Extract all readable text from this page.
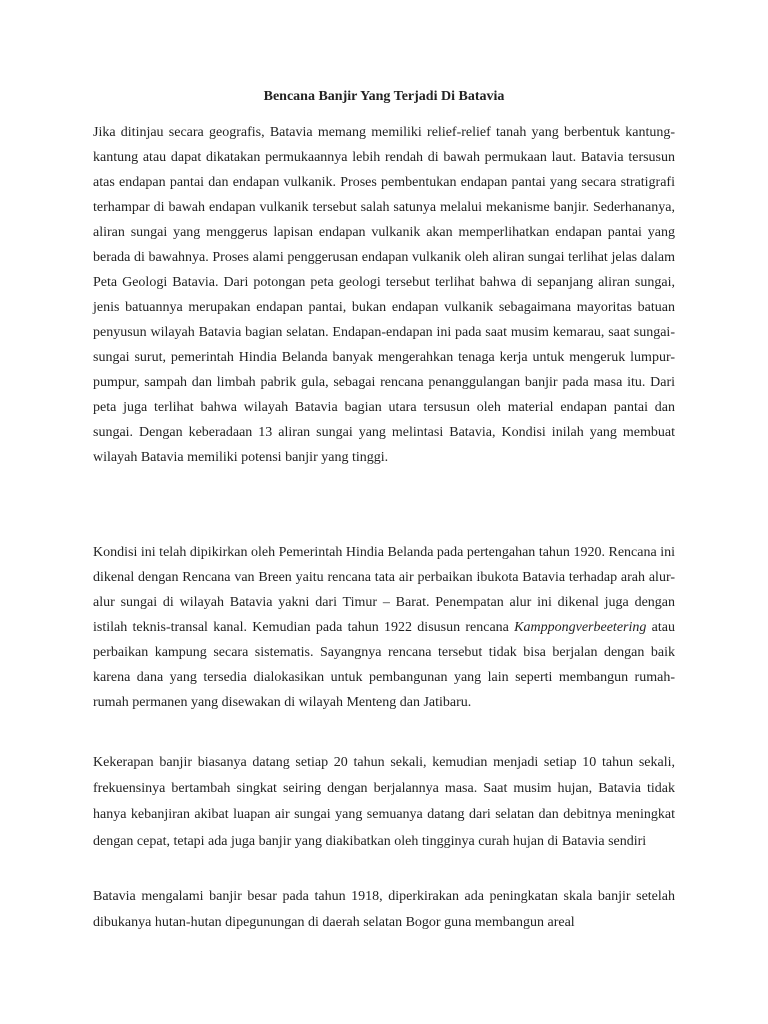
Bencana Banjir Yang Terjadi Di Batavia

Jika ditinjau secara geografis, Batavia memang memiliki relief-relief tanah yang berbentuk kantung-kantung atau dapat dikatakan permukaannya lebih rendah di bawah permukaan laut. Batavia tersusun atas endapan pantai dan endapan vulkanik. Proses pembentukan endapan pantai yang secara stratigrafi terhampar di bawah endapan vulkanik tersebut salah satunya melalui mekanisme banjir. Sederhananya, aliran sungai yang menggerus lapisan endapan vulkanik akan memperlihatkan endapan pantai yang berada di bawahnya. Proses alami penggerusan endapan vulkanik oleh aliran sungai terlihat jelas dalam Peta Geologi Batavia. Dari potongan peta geologi tersebut terlihat bahwa di sepanjang aliran sungai, jenis batuannya merupakan endapan pantai, bukan endapan vulkanik sebagaimana mayoritas batuan penyusun wilayah Batavia bagian selatan. Endapan-endapan ini pada saat musim kemarau, saat sungai-sungai surut, pemerintah Hindia Belanda banyak mengerahkan tenaga kerja untuk mengeruk lumpur-pumpur, sampah dan limbah pabrik gula, sebagai rencana penanggulangan banjir pada masa itu. Dari peta juga terlihat bahwa wilayah Batavia bagian utara tersusun oleh material endapan pantai dan sungai. Dengan keberadaan 13 aliran sungai yang melintasi Batavia, Kondisi inilah yang membuat wilayah Batavia memiliki potensi banjir yang tinggi.

Kondisi ini telah dipikirkan oleh Pemerintah Hindia Belanda pada pertengahan tahun 1920. Rencana ini dikenal dengan Rencana van Breen yaitu rencana tata air perbaikan ibukota Batavia terhadap arah alur-alur sungai di wilayah Batavia yakni dari Timur – Barat. Penempatan alur ini dikenal juga dengan istilah teknis-transal kanal. Kemudian pada tahun 1922 disusun rencana Kamppongverbeetering atau perbaikan kampung secara sistematis. Sayangnya rencana tersebut tidak bisa berjalan dengan baik karena dana yang tersedia dialokasikan untuk pembangunan yang lain seperti membangun rumah-rumah permanen yang disewakan di wilayah Menteng dan Jatibaru.

Kekerapan banjir biasanya datang setiap 20 tahun sekali, kemudian menjadi setiap 10 tahun sekali, frekuensinya bertambah singkat seiring dengan berjalannya masa. Saat musim hujan, Batavia tidak hanya kebanjiran akibat luapan air sungai yang semuanya datang dari selatan dan debitnya meningkat dengan cepat, tetapi ada juga banjir yang diakibatkan oleh tingginya curah hujan di Batavia sendiri

Batavia mengalami banjir besar pada tahun 1918, diperkirakan ada peningkatan skala banjir setelah dibukanya hutan-hutan dipegunungan di daerah selatan Bogor guna membangun areal
